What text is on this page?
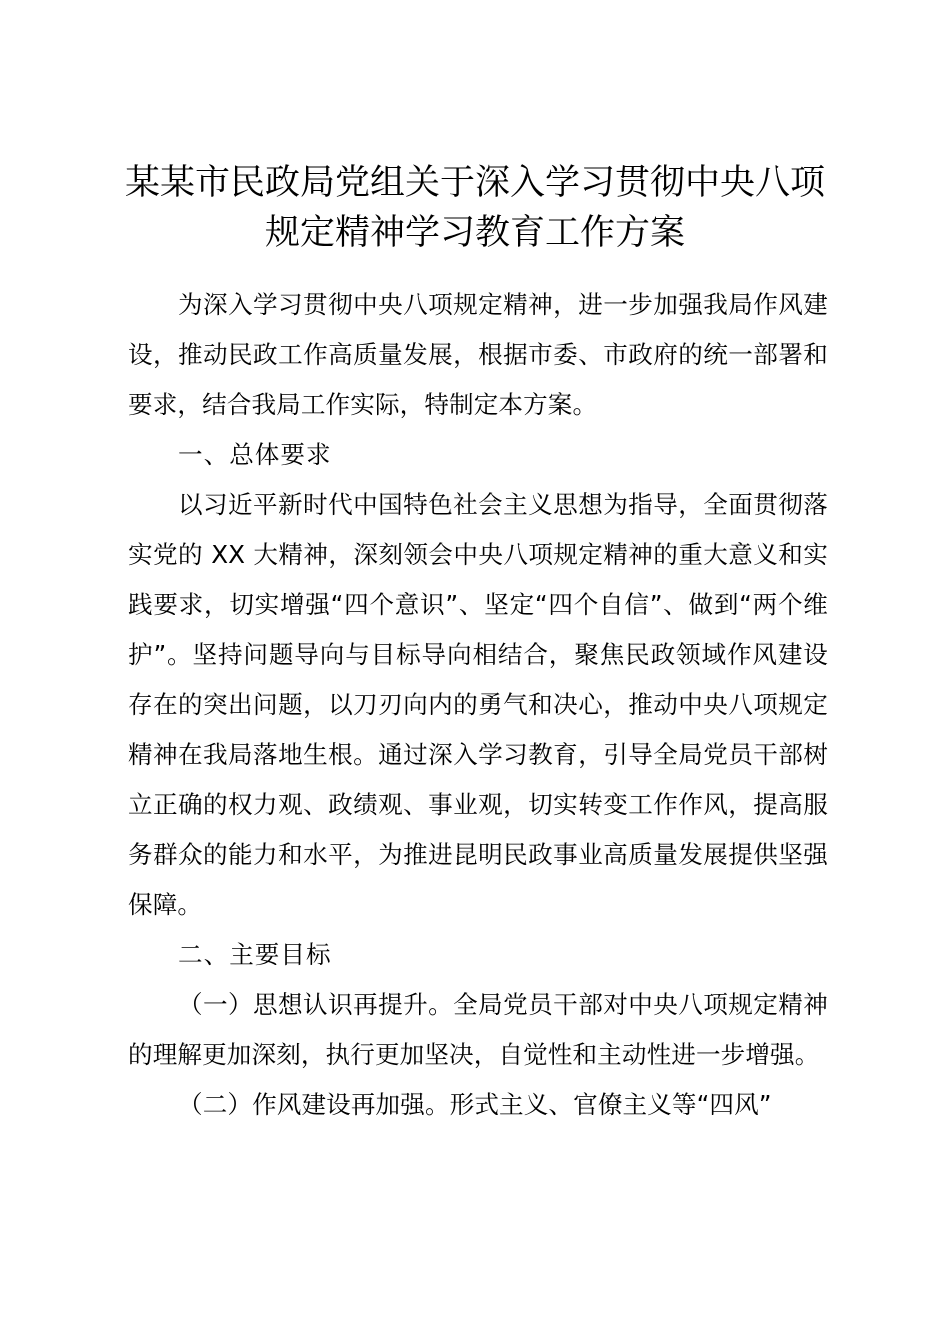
某某市民政局党组关于深入学习贯彻中央八项
规定精神学习教育工作方案

为深入学习贯彻中央八项规定精神，进一步加强我局作风建设，推动民政工作高质量发展，根据市委、市政府的统一部署和要求，结合我局工作实际，特制定本方案。

一、总体要求

以习近平新时代中国特色社会主义思想为指导，全面贯彻落实党的 XX 大精神，深刻领会中央八项规定精神的重大意义和实践要求，切实增强“四个意识”、坚定“四个自信”、做到“两个维护”。坚持问题导向与目标导向相结合，聚焦民政领域作风建设存在的突出问题，以刀刃向内的勇气和决心，推动中央八项规定精神在我局落地生根。通过深入学习教育，引导全局党员干部树立正确的权力观、政绩观、事业观，切实转变工作作风，提高服务群众的能力和水平，为推进昆明民政事业高质量发展提供坚强保障。

二、主要目标

（一）思想认识再提升。全局党员干部对中央八项规定精神的理解更加深刻，执行更加坚决，自觉性和主动性进一步增强。

（二）作风建设再加强。形式主义、官僚主义等“四风”
